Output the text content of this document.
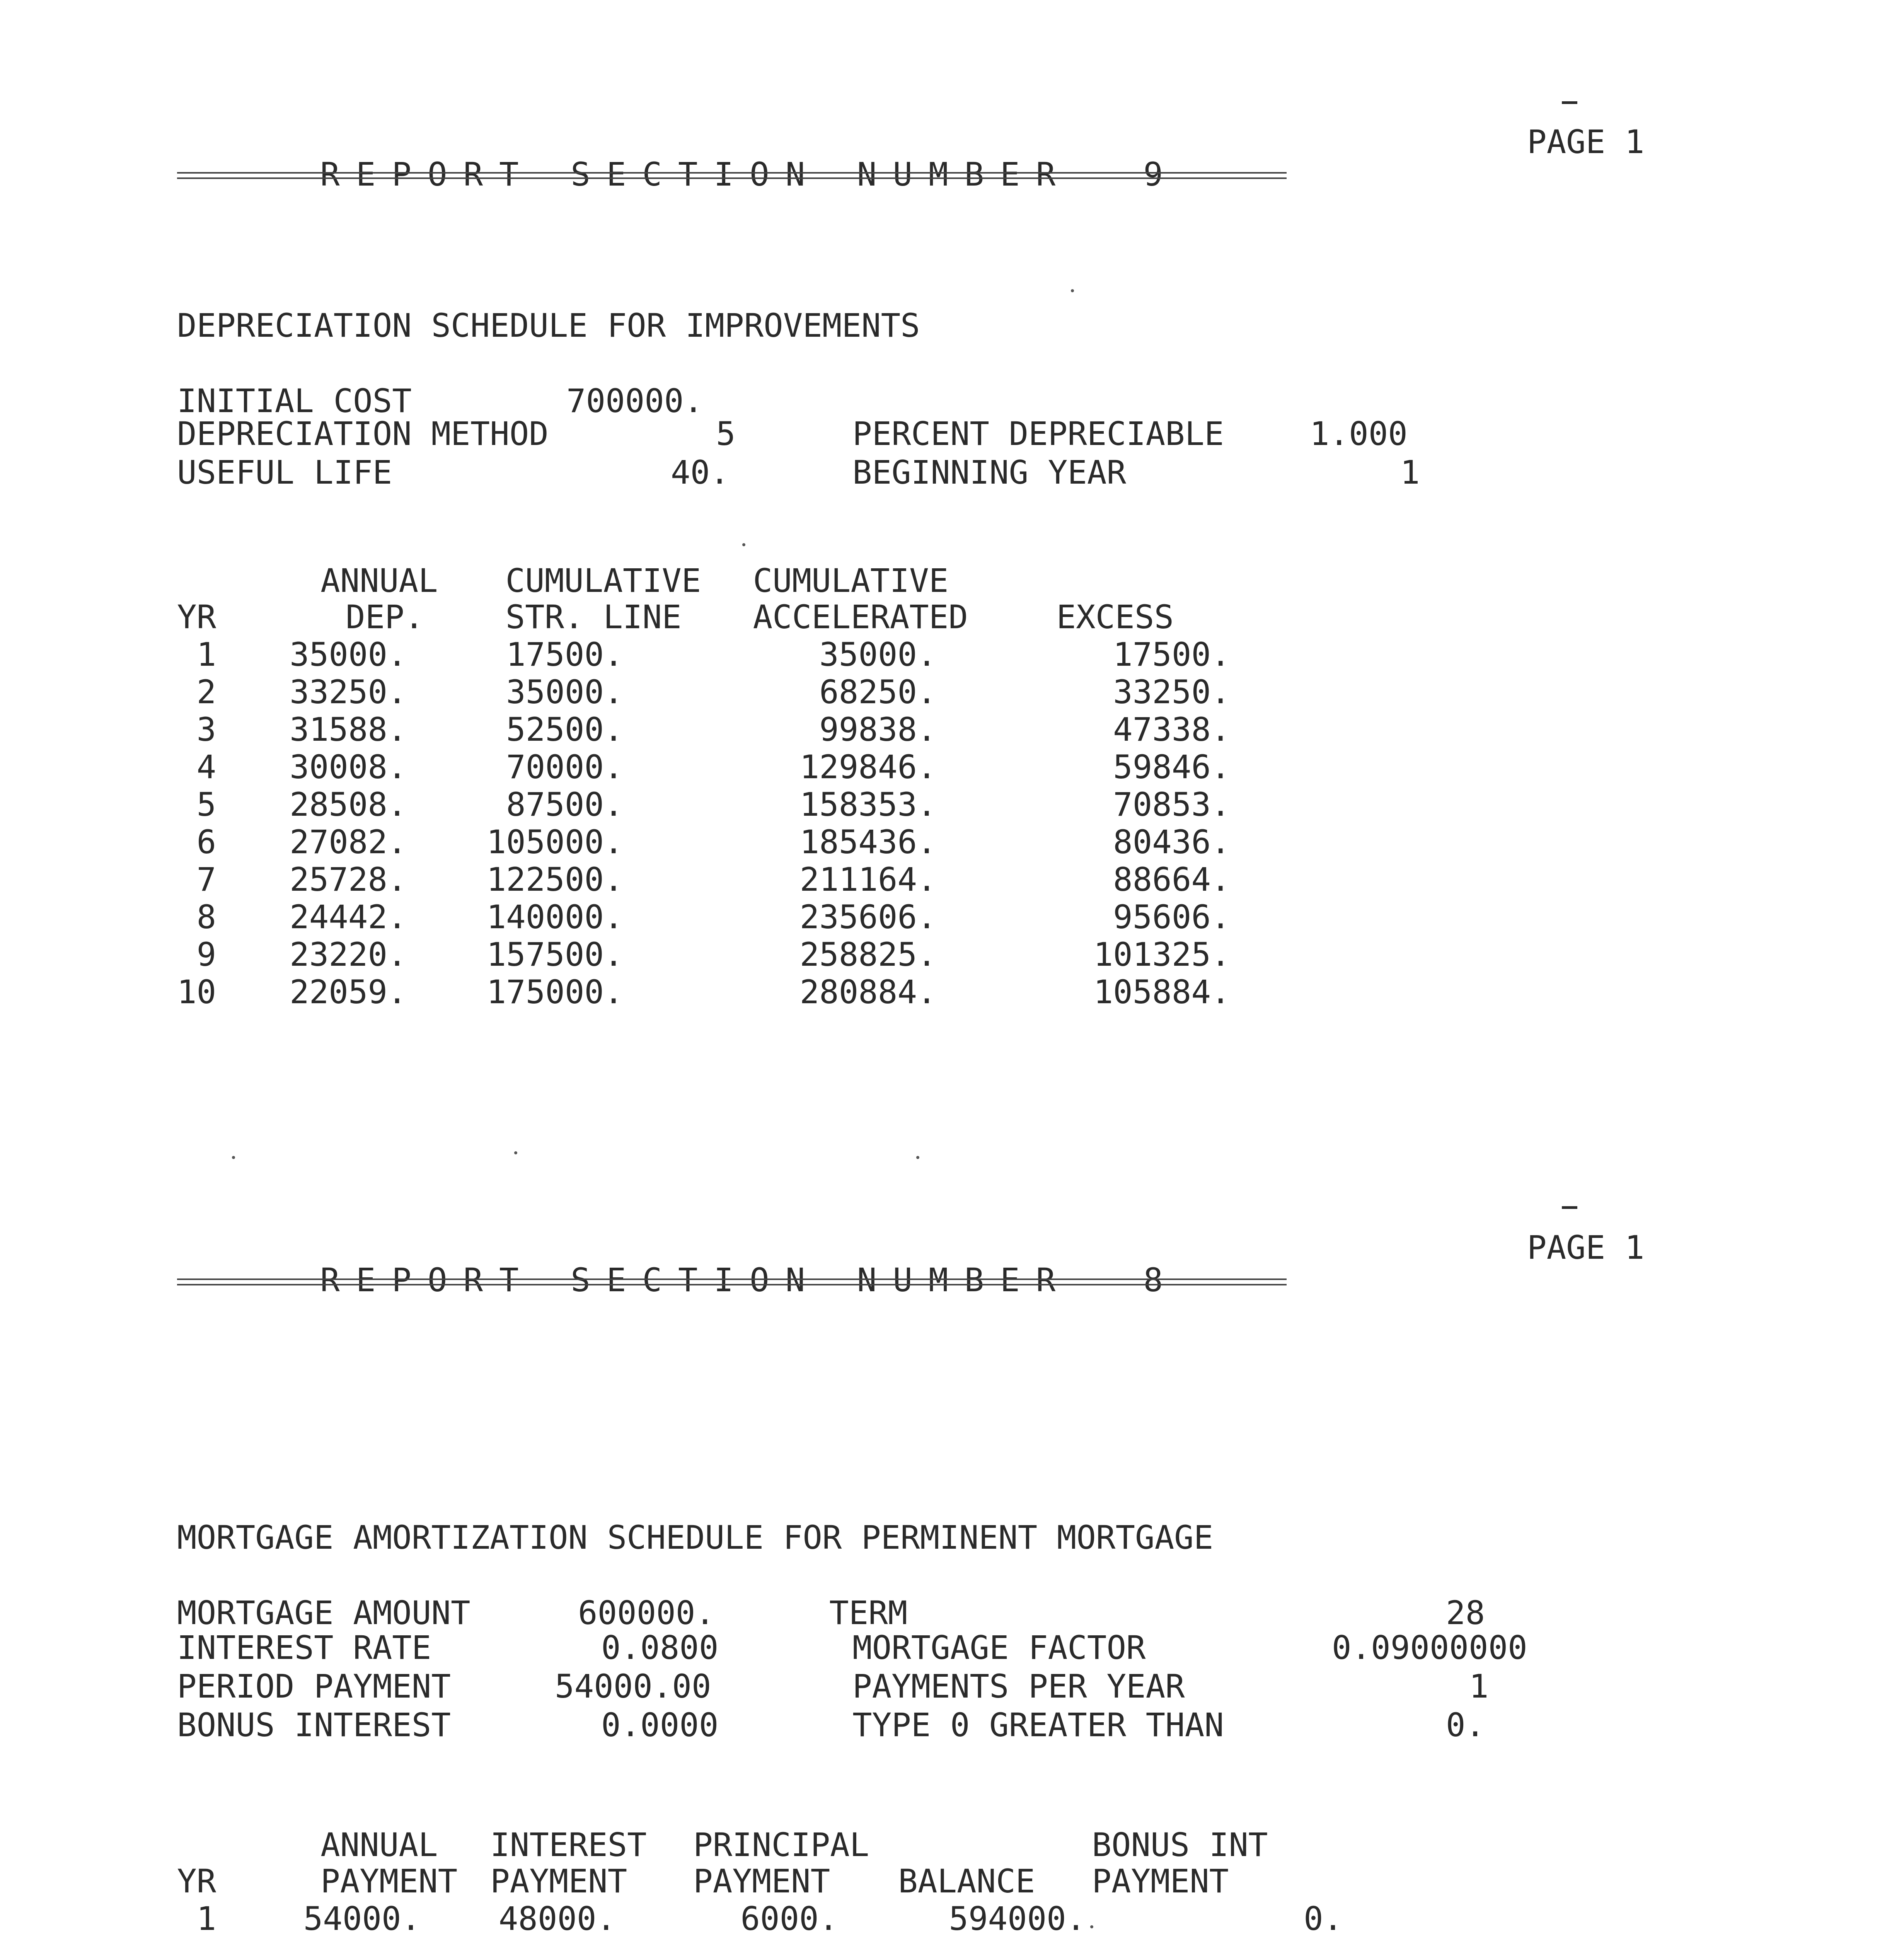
REPORT SECTION NUMBER 9

PAGE 1
DEPRECIATION SCHEDULE FOR IMPROVEMENTS
INITIAL COST	700000.
DEPRECIATION METHOD	5	PERCENT DEPRECIABLE	1.000
USEFUL LIFE	40.	BEGINNING YEAR	1
	ANNUAL	CUMULATIVE	CUMULATIVE	
YR	DEP.	STR. LINE	ACCELERATED	EXCESS
1	35000.	17500.	35000.	17500.
2	33250.	35000.	68250.	33250.
3	31588.	52500.	99838.	47338.
4	30008.	70000.	129846.	59846.
5	28508.	87500.	158353.	70853.
6	27082.	105000.	185436.	80436.
7	25728.	122500.	211164.	88664.
8	24442.	140000.	235606.	95606.
9	23220.	157500.	258825.	101325.
10	22059.	175000.	280884.	105884.

REPORT SECTION NUMBER 8

PAGE 1
MORTGAGE AMORTIZATION SCHEDULE FOR PERMINENT MORTGAGE
MORTGAGE AMOUNT	600000.	TERM	28
INTEREST RATE	0.0800	MORTGAGE FACTOR	0.09000000
PERIOD PAYMENT	54000.00	PAYMENTS PER YEAR	1
BONUS INTEREST	0.0000	TYPE 0 GREATER THAN	0.
	ANNUAL	INTEREST	PRINCIPAL		BONUS INT
YR	PAYMENT	PAYMENT	PAYMENT	BALANCE	PAYMENT
1	54000.	48000.	6000.	594000.	0.
